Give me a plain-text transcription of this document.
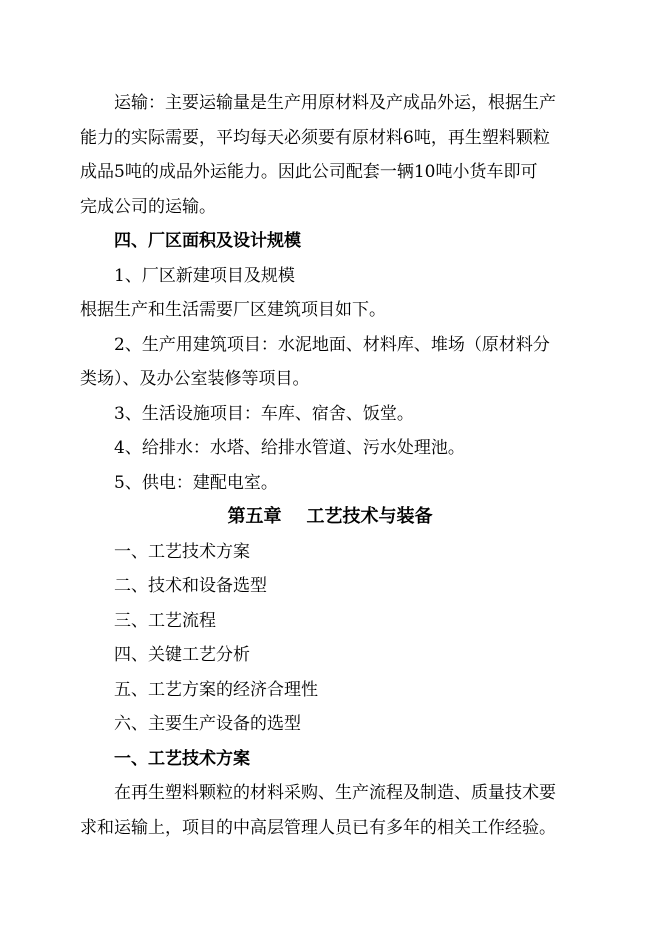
运输：主要运输量是生产用原材料及产成品外运，根据生产

能力的实际需要，平均每天必须要有原材料6吨，再生塑料颗粒

成品5吨的成品外运能力。因此公司配套一辆10吨小货车即可

完成公司的运输。

四、厂区面积及设计规模

1、厂区新建项目及规模

根据生产和生活需要厂区建筑项目如下。

2、生产用建筑项目：水泥地面、材料库、堆场（原材料分

类场）、及办公室装修等项目。

3、生活设施项目：车库、宿舍、饭堂。

4、给排水：水塔、给排水管道、污水处理池。

5、供电：建配电室。

第五章    工艺技术与装备

一、工艺技术方案

二、技术和设备选型

三、工艺流程

四、关键工艺分析

五、工艺方案的经济合理性

六、主要生产设备的选型

一、工艺技术方案

在再生塑料颗粒的材料采购、生产流程及制造、质量技术要

求和运输上，项目的中高层管理人员已有多年的相关工作经验。
